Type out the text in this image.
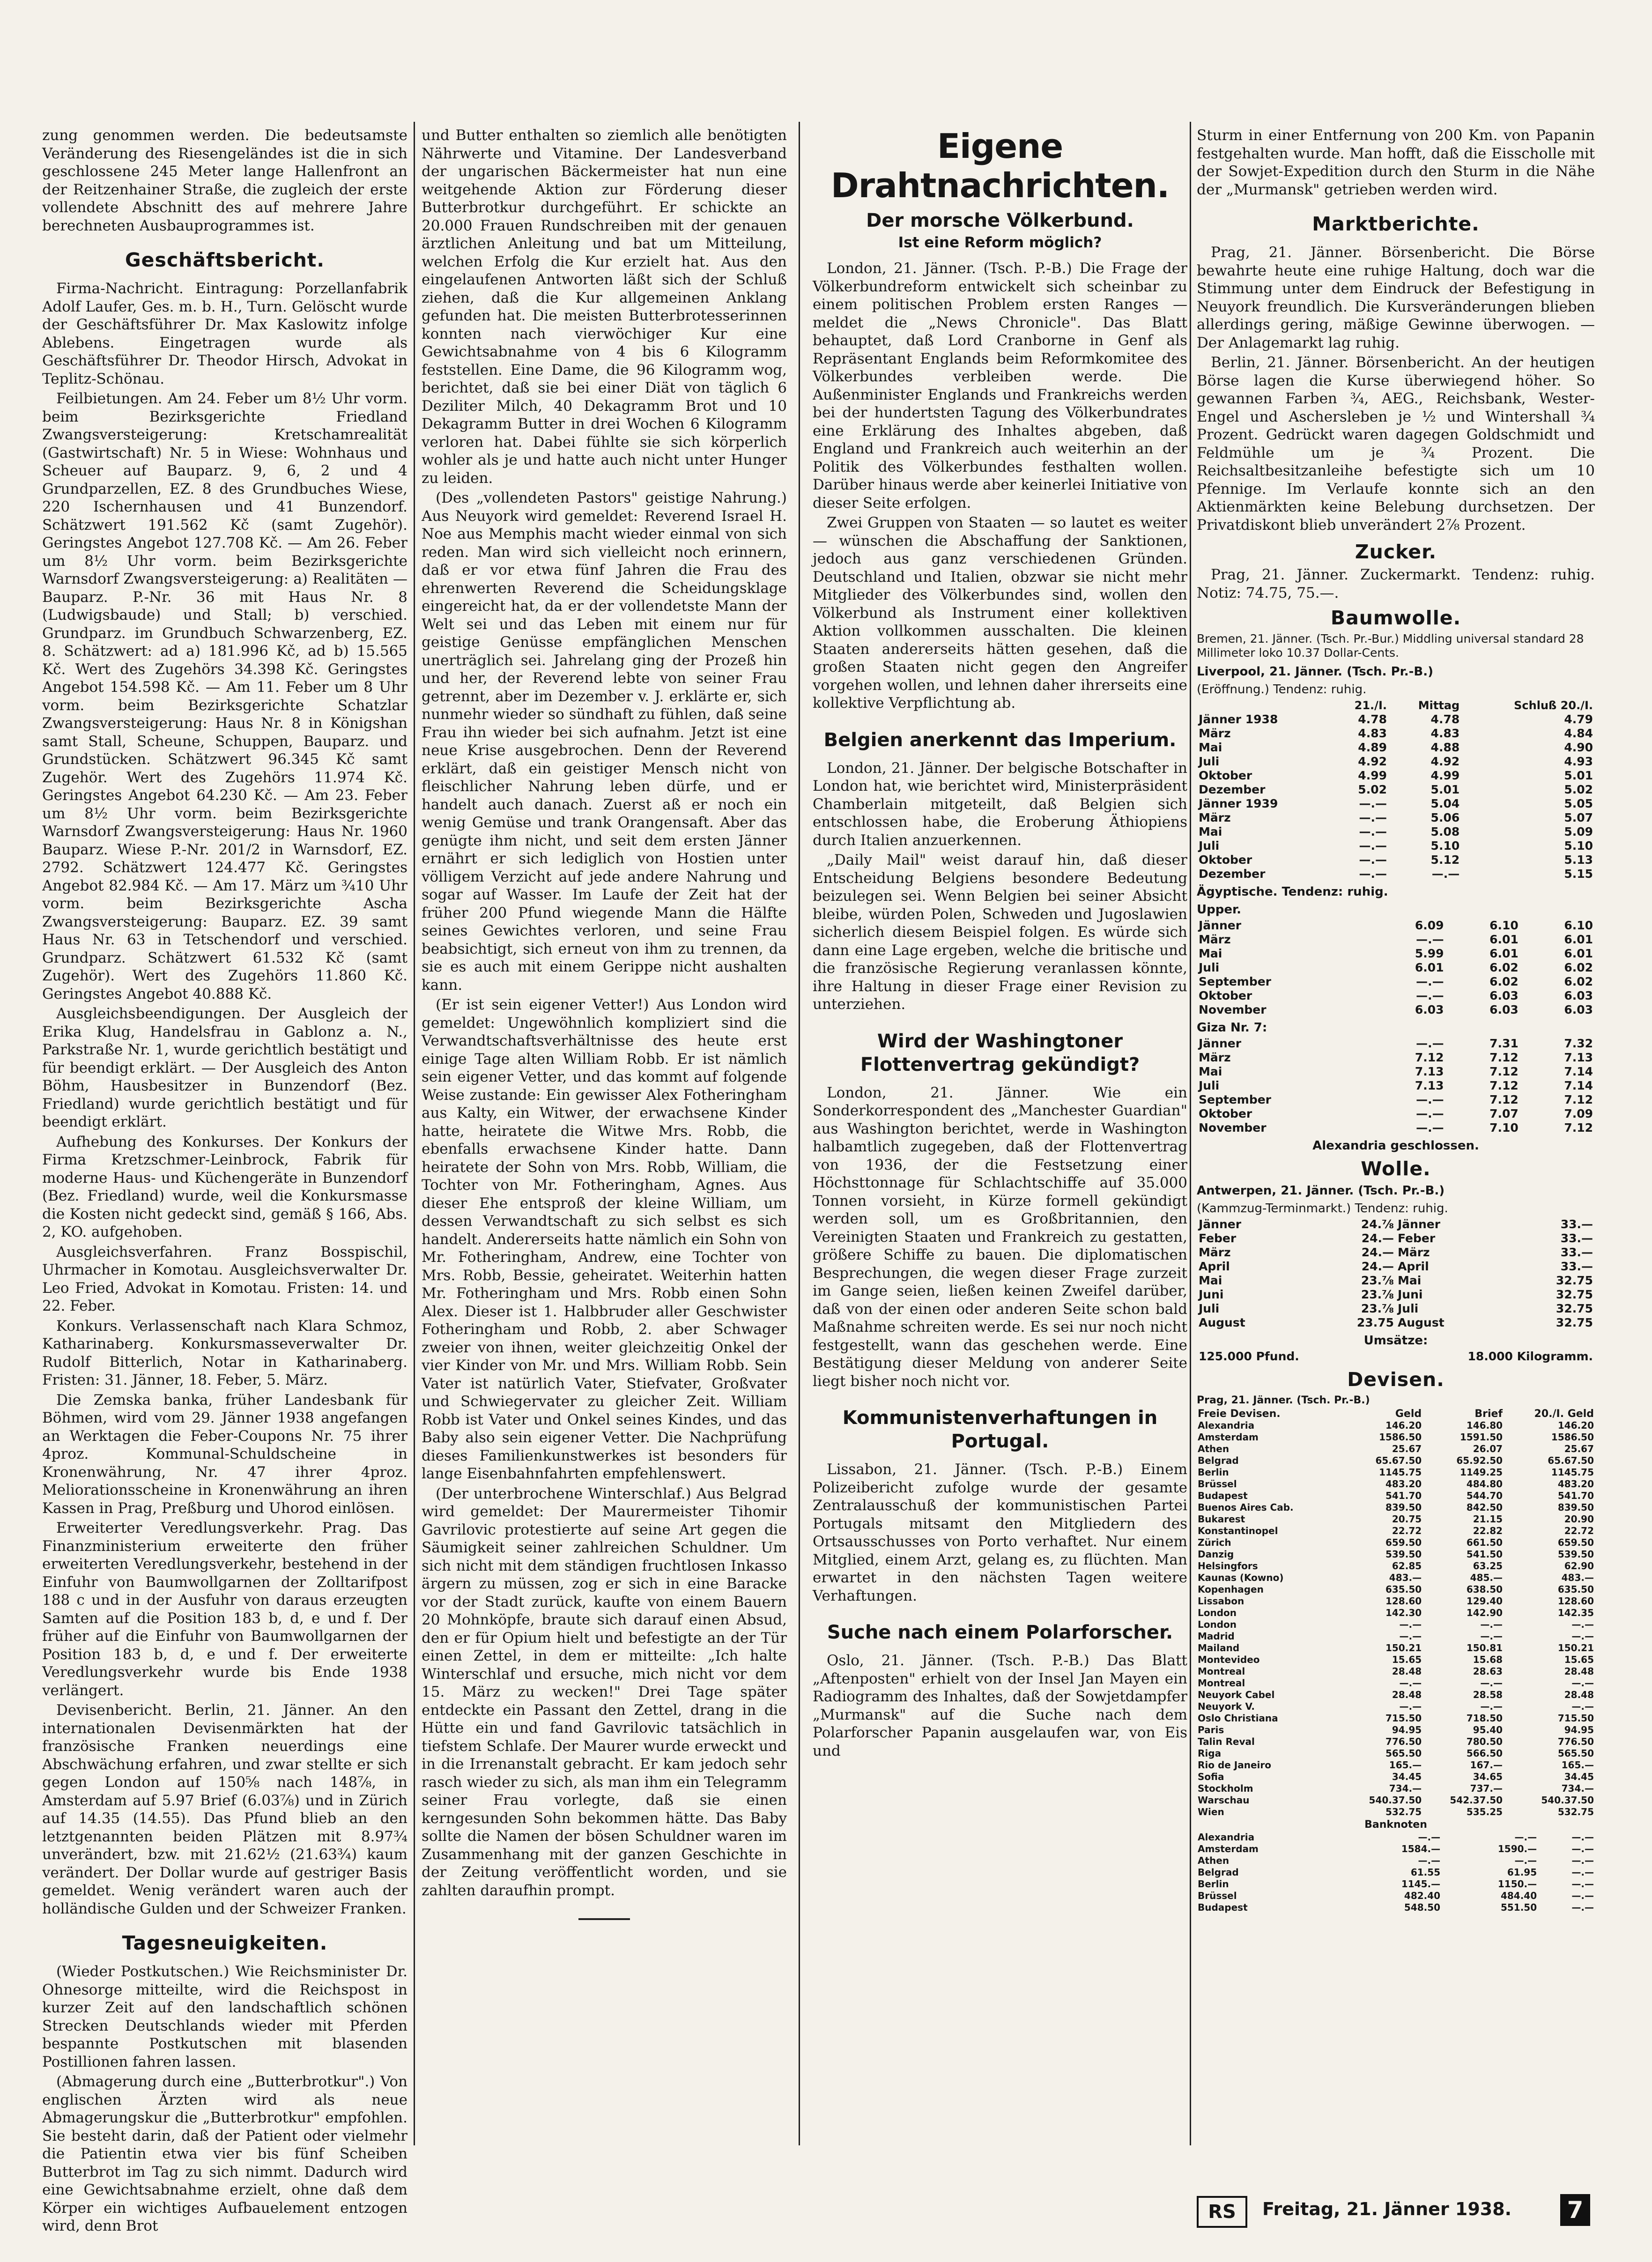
zung genommen werden. Die bedeutsamste Veränderung des Riesengeländes ist die in sich geschlossene 245 Meter lange Hallenfront an der Reitzenhainer Straße, die zugleich der erste vollendete Abschnitt des auf mehrere Jahre berechneten Ausbauprogrammes ist.

Geschäftsbericht.

Firma-Nachricht. Eintragung: Porzellanfabrik Adolf Laufer, Ges. m. b. H., Turn. Gelöscht wurde der Geschäftsführer Dr. Max Kaslowitz infolge Ablebens. Eingetragen wurde als Geschäftsführer Dr. Theodor Hirsch, Advokat in Teplitz-Schönau.

Feilbietungen. Am 24. Feber um 8½ Uhr vorm. beim Bezirksgerichte Friedland Zwangsversteigerung: Kretschamrealität (Gastwirtschaft) Nr. 5 in Wiese: Wohnhaus und Scheuer auf Bauparz. 9, 6, 2 und 4 Grundparzellen, EZ. 8 des Grundbuches Wiese, 220 Ischernhausen und 41 Bunzendorf. Schätzwert 191.562 Kč (samt Zugehör). Geringstes Angebot 127.708 Kč. — Am 26. Feber um 8½ Uhr vorm. beim Bezirksgerichte Warnsdorf Zwangsversteigerung: a) Realitäten — Bauparz. P.-Nr. 36 mit Haus Nr. 8 (Ludwigsbaude) und Stall; b) verschied. Grundparz. im Grundbuch Schwarzenberg, EZ. 8. Schätzwert: ad a) 181.996 Kč, ad b) 15.565 Kč. Wert des Zugehörs 34.398 Kč. Geringstes Angebot 154.598 Kč. — Am 11. Feber um 8 Uhr vorm. beim Bezirksgerichte Schatzlar Zwangsversteigerung: Haus Nr. 8 in Königshan samt Stall, Scheune, Schuppen, Bauparz. und Grundstücken. Schätzwert 96.345 Kč samt Zugehör. Wert des Zugehörs 11.974 Kč. Geringstes Angebot 64.230 Kč. — Am 23. Feber um 8½ Uhr vorm. beim Bezirksgerichte Warnsdorf Zwangsversteigerung: Haus Nr. 1960 Bauparz. Wiese P.-Nr. 201/2 in Warnsdorf, EZ. 2792. Schätzwert 124.477 Kč. Geringstes Angebot 82.984 Kč. — Am 17. März um ¾10 Uhr vorm. beim Bezirksgerichte Ascha Zwangsversteigerung: Bauparz. EZ. 39 samt Haus Nr. 63 in Tetschendorf und verschied. Grundparz. Schätzwert 61.532 Kč (samt Zugehör). Wert des Zugehörs 11.860 Kč. Geringstes Angebot 40.888 Kč.

Ausgleichsbeendigungen. Der Ausgleich der Erika Klug, Handelsfrau in Gablonz a. N., Parkstraße Nr. 1, wurde gerichtlich bestätigt und für beendigt erklärt. — Der Ausgleich des Anton Böhm, Hausbesitzer in Bunzendorf (Bez. Friedland) wurde gerichtlich bestätigt und für beendigt erklärt.

Aufhebung des Konkurses. Der Konkurs der Firma Kretzschmer-Leinbrock, Fabrik für moderne Haus- und Küchengeräte in Bunzendorf (Bez. Friedland) wurde, weil die Konkursmasse die Kosten nicht gedeckt sind, gemäß § 166, Abs. 2, KO. aufgehoben.

Ausgleichsverfahren. Franz Bosspischil, Uhrmacher in Komotau. Ausgleichsverwalter Dr. Leo Fried, Advokat in Komotau. Fristen: 14. und 22. Feber.

Konkurs. Verlassenschaft nach Klara Schmoz, Katharinaberg. Konkursmasseverwalter Dr. Rudolf Bitterlich, Notar in Katharinaberg. Fristen: 31. Jänner, 18. Feber, 5. März.

Die Zemska banka, früher Landesbank für Böhmen, wird vom 29. Jänner 1938 angefangen an Werktagen die Feber-Coupons Nr. 75 ihrer 4proz. Kommunal-Schuldscheine in Kronenwährung, Nr. 47 ihrer 4proz. Meliorationsscheine in Kronenwährung an ihren Kassen in Prag, Preßburg und Uhorod einlösen.

Erweiterter Veredlungsverkehr. Prag. Das Finanzministerium erweiterte den früher erweiterten Veredlungsverkehr, bestehend in der Einfuhr von Baumwollgarnen der Zolltarifpost 188 c und in der Ausfuhr von daraus erzeugten Samten auf die Position 183 b, d, e und f. Der früher auf die Einfuhr von Baumwollgarnen der Position 183 b, d, e und f. Der erweiterte Veredlungsverkehr wurde bis Ende 1938 verlängert.

Devisenbericht. Berlin, 21. Jänner. An den internationalen Devisenmärkten hat der französische Franken neuerdings eine Abschwächung erfahren, und zwar stellte er sich gegen London auf 150⅝ nach 148⅞, in Amsterdam auf 5.97 Brief (6.03⅞) und in Zürich auf 14.35 (14.55). Das Pfund blieb an den letztgenannten beiden Plätzen mit 8.97¾ unverändert, bzw. mit 21.62½ (21.63¾) kaum verändert. Der Dollar wurde auf gestriger Basis gemeldet. Wenig verändert waren auch der holländische Gulden und der Schweizer Franken.

Tagesneuigkeiten.

(Wieder Postkutschen.) Wie Reichsminister Dr. Ohnesorge mitteilte, wird die Reichspost in kurzer Zeit auf den landschaftlich schönen Strecken Deutschlands wieder mit Pferden bespannte Postkutschen mit blasenden Postillionen fahren lassen.

(Abmagerung durch eine „Butterbrotkur".) Von englischen Ärzten wird als neue Abmagerungskur die „Butterbrotkur" empfohlen. Sie besteht darin, daß der Patient oder vielmehr die Patientin etwa vier bis fünf Scheiben Butterbrot im Tag zu sich nimmt. Dadurch wird eine Gewichtsabnahme erzielt, ohne daß dem Körper ein wichtiges Aufbauelement entzogen wird, denn Brot

und Butter enthalten so ziemlich alle benötigten Nährwerte und Vitamine. Der Landesverband der ungarischen Bäckermeister hat nun eine weitgehende Aktion zur Förderung dieser Butterbrotkur durchgeführt. Er schickte an 20.000 Frauen Rundschreiben mit der genauen ärztlichen Anleitung und bat um Mitteilung, welchen Erfolg die Kur erzielt hat. Aus den eingelaufenen Antworten läßt sich der Schluß ziehen, daß die Kur allgemeinen Anklang gefunden hat. Die meisten Butterbrotesserinnen konnten nach vierwöchiger Kur eine Gewichtsabnahme von 4 bis 6 Kilogramm feststellen. Eine Dame, die 96 Kilogramm wog, berichtet, daß sie bei einer Diät von täglich 6 Deziliter Milch, 40 Dekagramm Brot und 10 Dekagramm Butter in drei Wochen 6 Kilogramm verloren hat. Dabei fühlte sie sich körperlich wohler als je und hatte auch nicht unter Hunger zu leiden.

(Des „vollendeten Pastors" geistige Nahrung.) Aus Neuyork wird gemeldet: Reverend Israel H. Noe aus Memphis macht wieder einmal von sich reden. Man wird sich vielleicht noch erinnern, daß er vor etwa fünf Jahren die Frau des ehrenwerten Reverend die Scheidungsklage eingereicht hat, da er der vollendetste Mann der Welt sei und das Leben mit einem nur für geistige Genüsse empfänglichen Menschen unerträglich sei. Jahrelang ging der Prozeß hin und her, der Reverend lebte von seiner Frau getrennt, aber im Dezember v. J. erklärte er, sich nunmehr wieder so sündhaft zu fühlen, daß seine Frau ihn wieder bei sich aufnahm. Jetzt ist eine neue Krise ausgebrochen. Denn der Reverend erklärt, daß ein geistiger Mensch nicht von fleischlicher Nahrung leben dürfe, und er handelt auch danach. Zuerst aß er noch ein wenig Gemüse und trank Orangensaft. Aber das genügte ihm nicht, und seit dem ersten Jänner ernährt er sich lediglich von Hostien unter völligem Verzicht auf jede andere Nahrung und sogar auf Wasser. Im Laufe der Zeit hat der früher 200 Pfund wiegende Mann die Hälfte seines Gewichtes verloren, und seine Frau beabsichtigt, sich erneut von ihm zu trennen, da sie es auch mit einem Gerippe nicht aushalten kann.

(Er ist sein eigener Vetter!) Aus London wird gemeldet: Ungewöhnlich kompliziert sind die Verwandtschaftsverhältnisse des heute erst einige Tage alten William Robb. Er ist nämlich sein eigener Vetter, und das kommt auf folgende Weise zustande: Ein gewisser Alex Fotheringham aus Kalty, ein Witwer, der erwachsene Kinder hatte, heiratete die Witwe Mrs. Robb, die ebenfalls erwachsene Kinder hatte. Dann heiratete der Sohn von Mrs. Robb, William, die Tochter von Mr. Fotheringham, Agnes. Aus dieser Ehe entsproß der kleine William, um dessen Verwandtschaft zu sich selbst es sich handelt. Andererseits hatte nämlich ein Sohn von Mr. Fotheringham, Andrew, eine Tochter von Mrs. Robb, Bessie, geheiratet. Weiterhin hatten Mr. Fotheringham und Mrs. Robb einen Sohn Alex. Dieser ist 1. Halbbruder aller Geschwister Fotheringham und Robb, 2. aber Schwager zweier von ihnen, weiter gleichzeitig Onkel der vier Kinder von Mr. und Mrs. William Robb. Sein Vater ist natürlich Vater, Stiefvater, Großvater und Schwiegervater zu gleicher Zeit. William Robb ist Vater und Onkel seines Kindes, und das Baby also sein eigener Vetter. Die Nachprüfung dieses Familienkunstwerkes ist besonders für lange Eisenbahnfahrten empfehlenswert.

(Der unterbrochene Winterschlaf.) Aus Belgrad wird gemeldet: Der Maurermeister Tihomir Gavrilovic protestierte auf seine Art gegen die Säumigkeit seiner zahlreichen Schuldner. Um sich nicht mit dem ständigen fruchtlosen Inkasso ärgern zu müssen, zog er sich in eine Baracke vor der Stadt zurück, kaufte von einem Bauern 20 Mohnköpfe, braute sich darauf einen Absud, den er für Opium hielt und befestigte an der Tür einen Zettel, in dem er mitteilte: „Ich halte Winterschlaf und ersuche, mich nicht vor dem 15. März zu wecken!" Drei Tage später entdeckte ein Passant den Zettel, drang in die Hütte ein und fand Gavrilovic tatsächlich in tiefstem Schlafe. Der Maurer wurde erweckt und in die Irrenanstalt gebracht. Er kam jedoch sehr rasch wieder zu sich, als man ihm ein Telegramm seiner Frau vorlegte, daß sie einen kerngesunden Sohn bekommen hätte. Das Baby sollte die Namen der bösen Schuldner waren im Zusammenhang mit der ganzen Geschichte in der Zeitung veröffentlicht worden, und sie zahlten daraufhin prompt.

Eigene Drahtnachrichten.
Der morsche Völkerbund.
Ist eine Reform möglich?

London, 21. Jänner. (Tsch. P.-B.) Die Frage der Völkerbundreform entwickelt sich scheinbar zu einem politischen Problem ersten Ranges — meldet die „News Chronicle". Das Blatt behauptet, daß Lord Cranborne in Genf als Repräsentant Englands beim Reformkomitee des Völkerbundes verbleiben werde. Die Außenminister Englands und Frankreichs werden bei der hundertsten Tagung des Völkerbundrates eine Erklärung des Inhaltes abgeben, daß England und Frankreich auch weiterhin an der Politik des Völkerbundes festhalten wollen. Darüber hinaus werde aber keinerlei Initiative von dieser Seite erfolgen.

Zwei Gruppen von Staaten — so lautet es weiter — wünschen die Abschaffung der Sanktionen, jedoch aus ganz verschiedenen Gründen. Deutschland und Italien, obzwar sie nicht mehr Mitglieder des Völkerbundes sind, wollen den Völkerbund als Instrument einer kollektiven Aktion vollkommen ausschalten. Die kleinen Staaten andererseits hätten gesehen, daß die großen Staaten nicht gegen den Angreifer vorgehen wollen, und lehnen daher ihrerseits eine kollektive Verpflichtung ab.

Belgien anerkennt das Imperium.

London, 21. Jänner. Der belgische Botschafter in London hat, wie berichtet wird, Ministerpräsident Chamberlain mitgeteilt, daß Belgien sich entschlossen habe, die Eroberung Äthiopiens durch Italien anzuerkennen.

„Daily Mail" weist darauf hin, daß dieser Entscheidung Belgiens besondere Bedeutung beizulegen sei. Wenn Belgien bei seiner Absicht bleibe, würden Polen, Schweden und Jugoslawien sicherlich diesem Beispiel folgen. Es würde sich dann eine Lage ergeben, welche die britische und die französische Regierung veranlassen könnte, ihre Haltung in dieser Frage einer Revision zu unterziehen.

Wird der Washingtoner Flottenvertrag gekündigt?

London, 21. Jänner. Wie ein Sonderkorrespondent des „Manchester Guardian" aus Washington berichtet, werde in Washington halbamtlich zugegeben, daß der Flottenvertrag von 1936, der die Festsetzung einer Höchsttonnage für Schlachtschiffe auf 35.000 Tonnen vorsieht, in Kürze formell gekündigt werden soll, um es Großbritannien, den Vereinigten Staaten und Frankreich zu gestatten, größere Schiffe zu bauen. Die diplomatischen Besprechungen, die wegen dieser Frage zurzeit im Gange seien, ließen keinen Zweifel darüber, daß von der einen oder anderen Seite schon bald Maßnahme schreiten werde. Es sei nur noch nicht festgestellt, wann das geschehen werde. Eine Bestätigung dieser Meldung von anderer Seite liegt bisher noch nicht vor.

Kommunistenverhaftungen in Portugal.

Lissabon, 21. Jänner. (Tsch. P.-B.) Einem Polizeibericht zufolge wurde der gesamte Zentralausschuß der kommunistischen Partei Portugals mitsamt den Mitgliedern des Ortsausschusses von Porto verhaftet. Nur einem Mitglied, einem Arzt, gelang es, zu flüchten. Man erwartet in den nächsten Tagen weitere Verhaftungen.

Suche nach einem Polarforscher.

Oslo, 21. Jänner. (Tsch. P.-B.) Das Blatt „Aftenposten" erhielt von der Insel Jan Mayen ein Radiogramm des Inhaltes, daß der Sowjetdampfer „Murmansk" auf die Suche nach dem Polarforscher Papanin ausgelaufen war, von Eis und

Sturm in einer Entfernung von 200 Km. von Papanin festgehalten wurde. Man hofft, daß die Eisscholle mit der Sowjet-Expedition durch den Sturm in die Nähe der „Murmansk" getrieben werden wird.

Marktberichte.

Prag, 21. Jänner. Börsenbericht. Die Börse bewahrte heute eine ruhige Haltung, doch war die Stimmung unter dem Eindruck der Befestigung in Neuyork freundlich. Die Kursveränderungen blieben allerdings gering, mäßige Gewinne überwogen. — Der Anlagemarkt lag ruhig.

Berlin, 21. Jänner. Börsenbericht. An der heutigen Börse lagen die Kurse überwiegend höher. So gewannen Farben ¾, AEG., Reichsbank, Wester-Engel und Aschersleben je ½ und Wintershall ¾ Prozent. Gedrückt waren dagegen Goldschmidt und Feldmühle um je ¾ Prozent. Die Reichsaltbesitzanleihe befestigte sich um 10 Pfennige. Im Verlaufe konnte sich an den Aktienmärkten keine Belebung durchsetzen. Der Privatdiskont blieb unverändert 2⅞ Prozent.

Zucker.

Prag, 21. Jänner. Zuckermarkt. Tendenz: ruhig. Notiz: 74.75, 75.—.

Baumwolle.
Bremen, 21. Jänner. (Tsch. Pr.-Bur.) Middling universal standard 28 Millimeter loko 10.37 Dollar-Cents.
Liverpool, 21. Jänner. (Tsch. Pr.-B.)
(Eröffnung.) Tendenz: ruhig.
	21./I.	Mittag	Schluß 20./I.
Jänner 1938	4.78	4.78	4.79
März	4.83	4.83	4.84
Mai	4.89	4.88	4.90
Juli	4.92	4.92	4.93
Oktober	4.99	4.99	5.01
Dezember	5.02	5.01	5.02
Jänner 1939	—.—	5.04	5.05
März	—.—	5.06	5.07
Mai	—.—	5.08	5.09
Juli	—.—	5.10	5.10
Oktober	—.—	5.12	5.13
Dezember	—.—	—.—	5.15
Ägyptische. Tendenz: ruhig.
Upper.
Jänner	6.09	6.10	6.10
März	—.—	6.01	6.01
Mai	5.99	6.01	6.01
Juli	6.01	6.02	6.02
September	—.—	6.02	6.02
Oktober	—.—	6.03	6.03
November	6.03	6.03	6.03
Giza Nr. 7:
Jänner	—.—	7.31	7.32
März	7.12	7.12	7.13
Mai	7.13	7.12	7.14
Juli	7.13	7.12	7.14
September	—.—	7.12	7.12
Oktober	—.—	7.07	7.09
November	—.—	7.10	7.12
Alexandria geschlossen.
Wolle.
Antwerpen, 21. Jänner. (Tsch. Pr.-B.)
(Kammzug-Terminmarkt.) Tendenz: ruhig.
Jänner	24.⅞	Jänner	33.—
Feber	24.—	Feber	33.—
März	24.—	März	33.—
April	24.—	April	33.—
Mai	23.⅞	Mai	32.75
Juni	23.⅞	Juni	32.75
Juli	23.⅞	Juli	32.75
August	23.75	August	32.75
Umsätze:
125.000 Pfund.	18.000 Kilogramm.
Devisen.
Prag, 21. Jänner. (Tsch. Pr.-B.)
Freie Devisen.	Geld	Brief	20./I. Geld
Alexandria	146.20	146.80	146.20
Amsterdam	1586.50	1591.50	1586.50
Athen	25.67	26.07	25.67
Belgrad	65.67.50	65.92.50	65.67.50
Berlin	1145.75	1149.25	1145.75
Brüssel	483.20	484.80	483.20
Budapest	541.70	544.70	541.70
Buenos Aires Cab.	839.50	842.50	839.50
Bukarest	20.75	21.15	20.90
Konstantinopel	22.72	22.82	22.72
Zürich	659.50	661.50	659.50
Danzig	539.50	541.50	539.50
Helsingfors	62.85	63.25	62.90
Kaunas (Kowno)	483.—	485.—	483.—
Kopenhagen	635.50	638.50	635.50
Lissabon	128.60	129.40	128.60
London	142.30	142.90	142.35
London	—.—	—.—	—.—
Madrid	—.—	—.—	—.—
Mailand	150.21	150.81	150.21
Montevideo	15.65	15.68	15.65
Montreal	28.48	28.63	28.48
Montreal	—.—	—.—	—.—
Neuyork Cabel	28.48	28.58	28.48
Neuyork V.	—.—	—.—	—.—
Oslo Christiana	715.50	718.50	715.50
Paris	94.95	95.40	94.95
Talin Reval	776.50	780.50	776.50
Riga	565.50	566.50	565.50
Rio de Janeiro	165.—	167.—	165.—
Sofia	34.45	34.65	34.45
Stockholm	734.—	737.—	734.—
Warschau	540.37.50	542.37.50	540.37.50
Wien	532.75	535.25	532.75
Banknoten
Alexandria	—.—	—.—	—.—
Amsterdam	1584.—	1590.—	—.—
Athen	—.—	—.—	—.—
Belgrad	61.55	61.95	—.—
Berlin	1145.—	1150.—	—.—
Brüssel	482.40	484.40	—.—
Budapest	548.50	551.50	—.—
RS	Freitag, 21. Jänner 1938. 7
